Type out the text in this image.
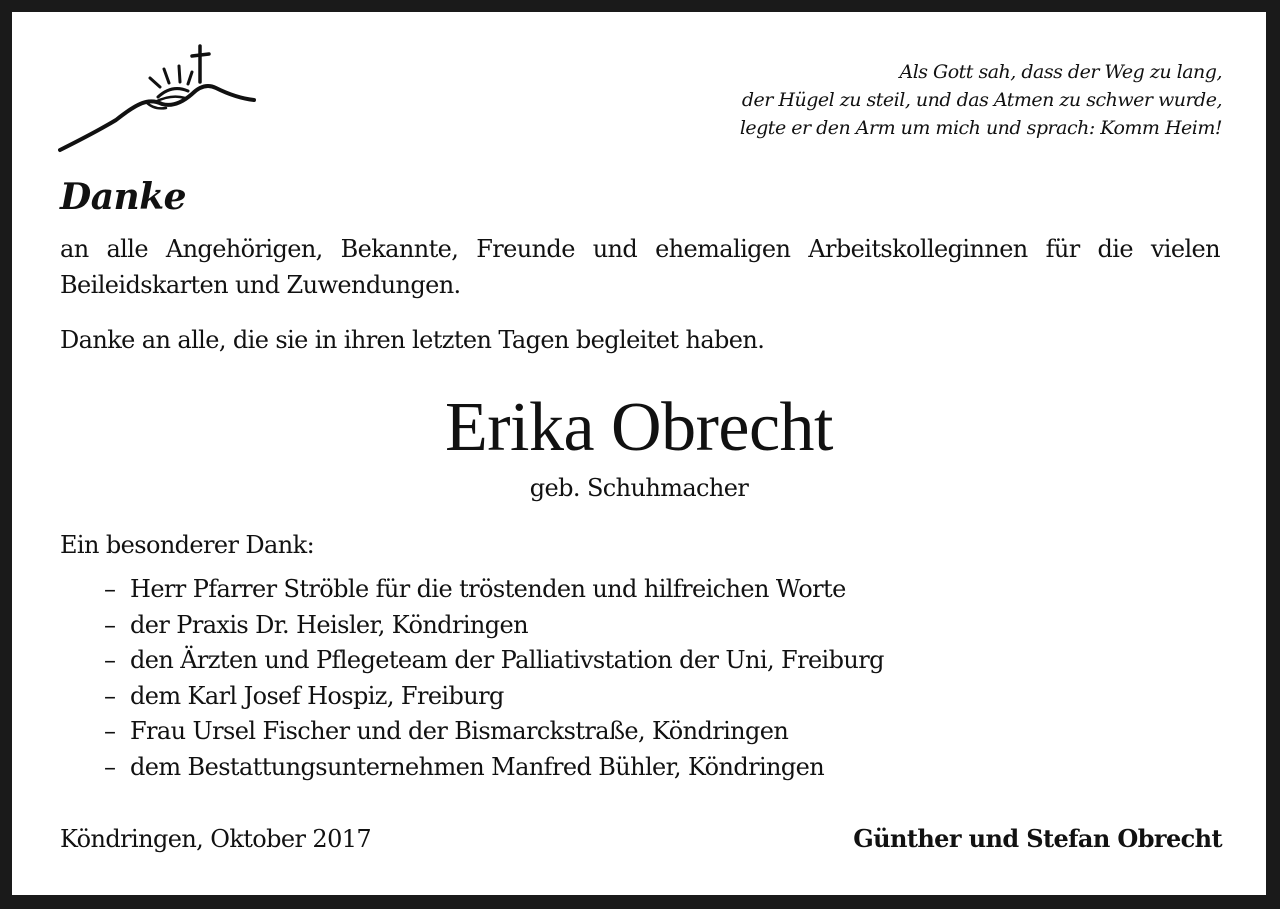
Als Gott sah, dass der Weg zu lang,
der Hügel zu steil, und das Atmen zu schwer wurde,
legte er den Arm um mich und sprach: Komm Heim!
Danke
an alle Angehörigen, Bekannte, Freunde und ehemaligen Arbeitskolleginnen für die vielen Beileidskarten und Zuwendungen.
Danke an alle, die sie in ihren letzten Tagen begleitet haben.
Erika Obrecht
geb. Schuhmacher
Ein besonderer Dank:
– Herr Pfarrer Ströble für die tröstenden und hilfreichen Worte
– der Praxis Dr. Heisler, Köndringen
– den Ärzten und Pflegeteam der Palliativstation der Uni, Freiburg
– dem Karl Josef Hospiz, Freiburg
– Frau Ursel Fischer und der Bismarckstraße, Köndringen
– dem Bestattungsunternehmen Manfred Bühler, Köndringen
Köndringen, Oktober 2017	Günther und Stefan Obrecht
